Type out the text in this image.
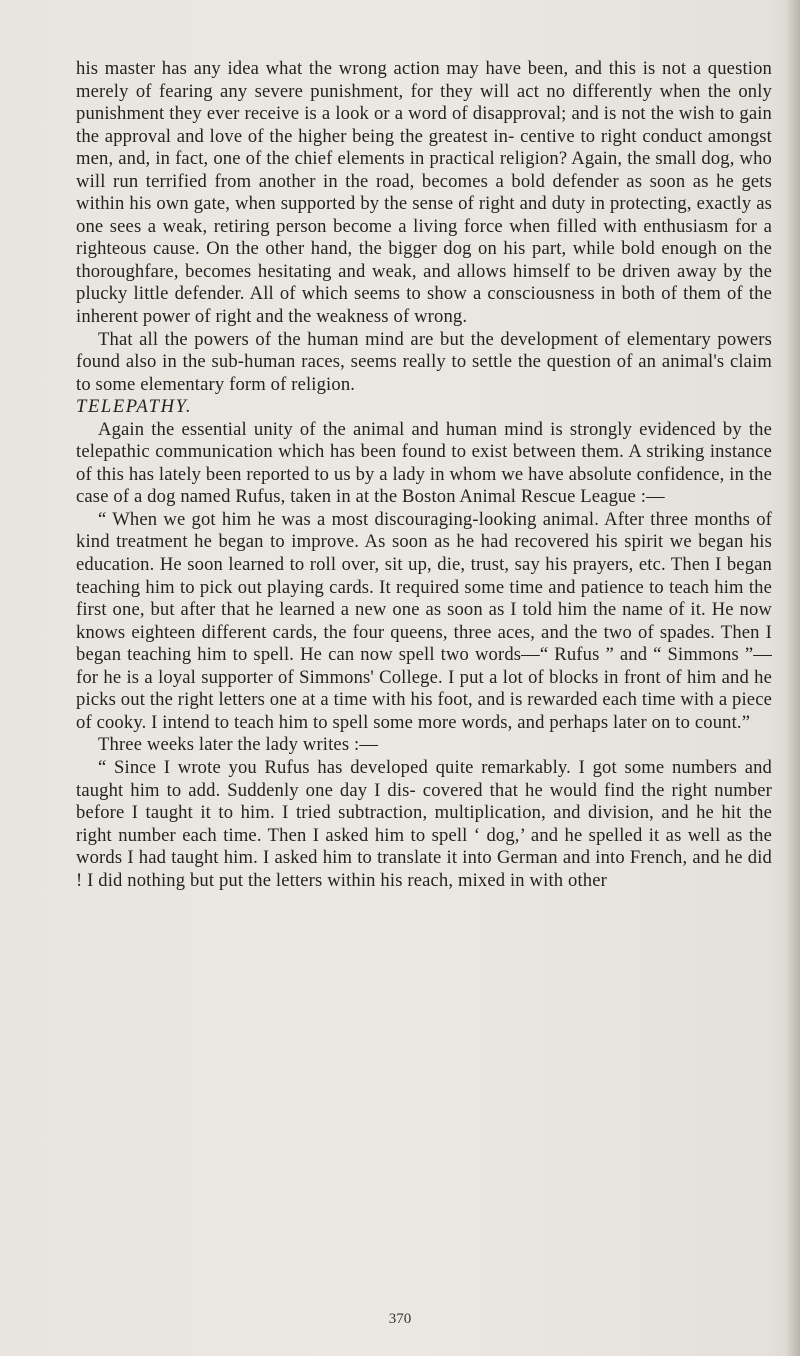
his master has any idea what the wrong action may have been, and this is not a question merely of fearing any severe punishment, for they will act no differently when the only punishment they ever receive is a look or a word of disapproval; and is not the wish to gain the approval and love of the higher being the greatest in- centive to right conduct amongst men, and, in fact, one of the chief elements in practical religion? Again, the small dog, who will run terrified from another in the road, becomes a bold defender as soon as he gets within his own gate, when supported by the sense of right and duty in protecting, exactly as one sees a weak, retiring person become a living force when filled with enthusiasm for a righteous cause. On the other hand, the bigger dog on his part, while bold enough on the thoroughfare, becomes hesitating and weak, and allows himself to be driven away by the plucky little defender. All of which seems to show a consciousness in both of them of the inherent power of right and the weakness of wrong.

That all the powers of the human mind are but the development of elementary powers found also in the sub-human races, seems really to settle the question of an animal's claim to some elementary form of religion.

TELEPATHY.

Again the essential unity of the animal and human mind is strongly evidenced by the telepathic communication which has been found to exist between them. A striking instance of this has lately been reported to us by a lady in whom we have absolute confidence, in the case of a dog named Rufus, taken in at the Boston Animal Rescue League :—

“ When we got him he was a most discouraging-looking animal. After three months of kind treatment he began to improve. As soon as he had recovered his spirit we began his education. He soon learned to roll over, sit up, die, trust, say his prayers, etc. Then I began teaching him to pick out playing cards. It required some time and patience to teach him the first one, but after that he learned a new one as soon as I told him the name of it. He now knows eighteen different cards, the four queens, three aces, and the two of spades. Then I began teaching him to spell. He can now spell two words—“ Rufus ” and “ Simmons ”—for he is a loyal supporter of Simmons' College. I put a lot of blocks in front of him and he picks out the right letters one at a time with his foot, and is rewarded each time with a piece of cooky. I intend to teach him to spell some more words, and perhaps later on to count.”

Three weeks later the lady writes :—

“ Since I wrote you Rufus has developed quite remarkably. I got some numbers and taught him to add. Suddenly one day I dis- covered that he would find the right number before I taught it to him. I tried subtraction, multiplication, and division, and he hit the right number each time. Then I asked him to spell ‘ dog,’ and he spelled it as well as the words I had taught him. I asked him to translate it into German and into French, and he did ! I did nothing but put the letters within his reach, mixed in with other

370
